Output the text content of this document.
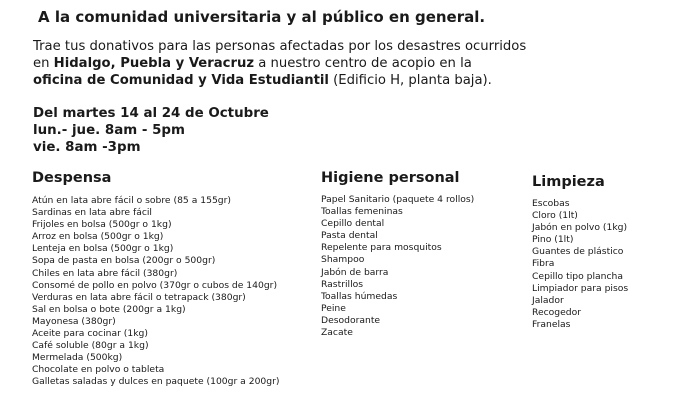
A la comunidad universitaria y al público en general.
Trae tus donativos para las personas afectadas por los desastres ocurridos
en Hidalgo, Puebla y Veracruz a nuestro centro de acopio en la
oficina de Comunidad y Vida Estudiantil (Edificio H, planta baja).
Del martes 14 al 24 de Octubre
lun.- jue. 8am - 5pm
vie. 8am -3pm
Despensa
Atún en lata abre fácil o sobre (85 a 155gr)
Sardinas en lata abre fácil
Frijoles en bolsa (500gr o 1kg)
Arroz en bolsa (500gr o 1kg)
Lenteja en bolsa (500gr o 1kg)
Sopa de pasta en bolsa (200gr o 500gr)
Chiles en lata abre fácil (380gr)
Consomé de pollo en polvo (370gr o cubos de 140gr)
Verduras en lata abre fácil o tetrapack (380gr)
Sal en bolsa o bote (200gr a 1kg)
Mayonesa (380gr)
Aceite para cocinar (1kg)
Café soluble (80gr a 1kg)
Mermelada (500kg)
Chocolate en polvo o tableta
Galletas saladas y dulces en paquete (100gr a 200gr)
Higiene personal
Papel Sanitario (paquete 4 rollos)
Toallas femeninas
Cepillo dental
Pasta dental
Repelente para mosquitos
Shampoo
Jabón de barra
Rastrillos
Toallas húmedas
Peine
Desodorante
Zacate
Limpieza
Escobas
Cloro (1lt)
Jabón en polvo (1kg)
Pino (1lt)
Guantes de plástico
Fibra
Cepillo tipo plancha
Limpiador para pisos
Jalador
Recogedor
Franelas
